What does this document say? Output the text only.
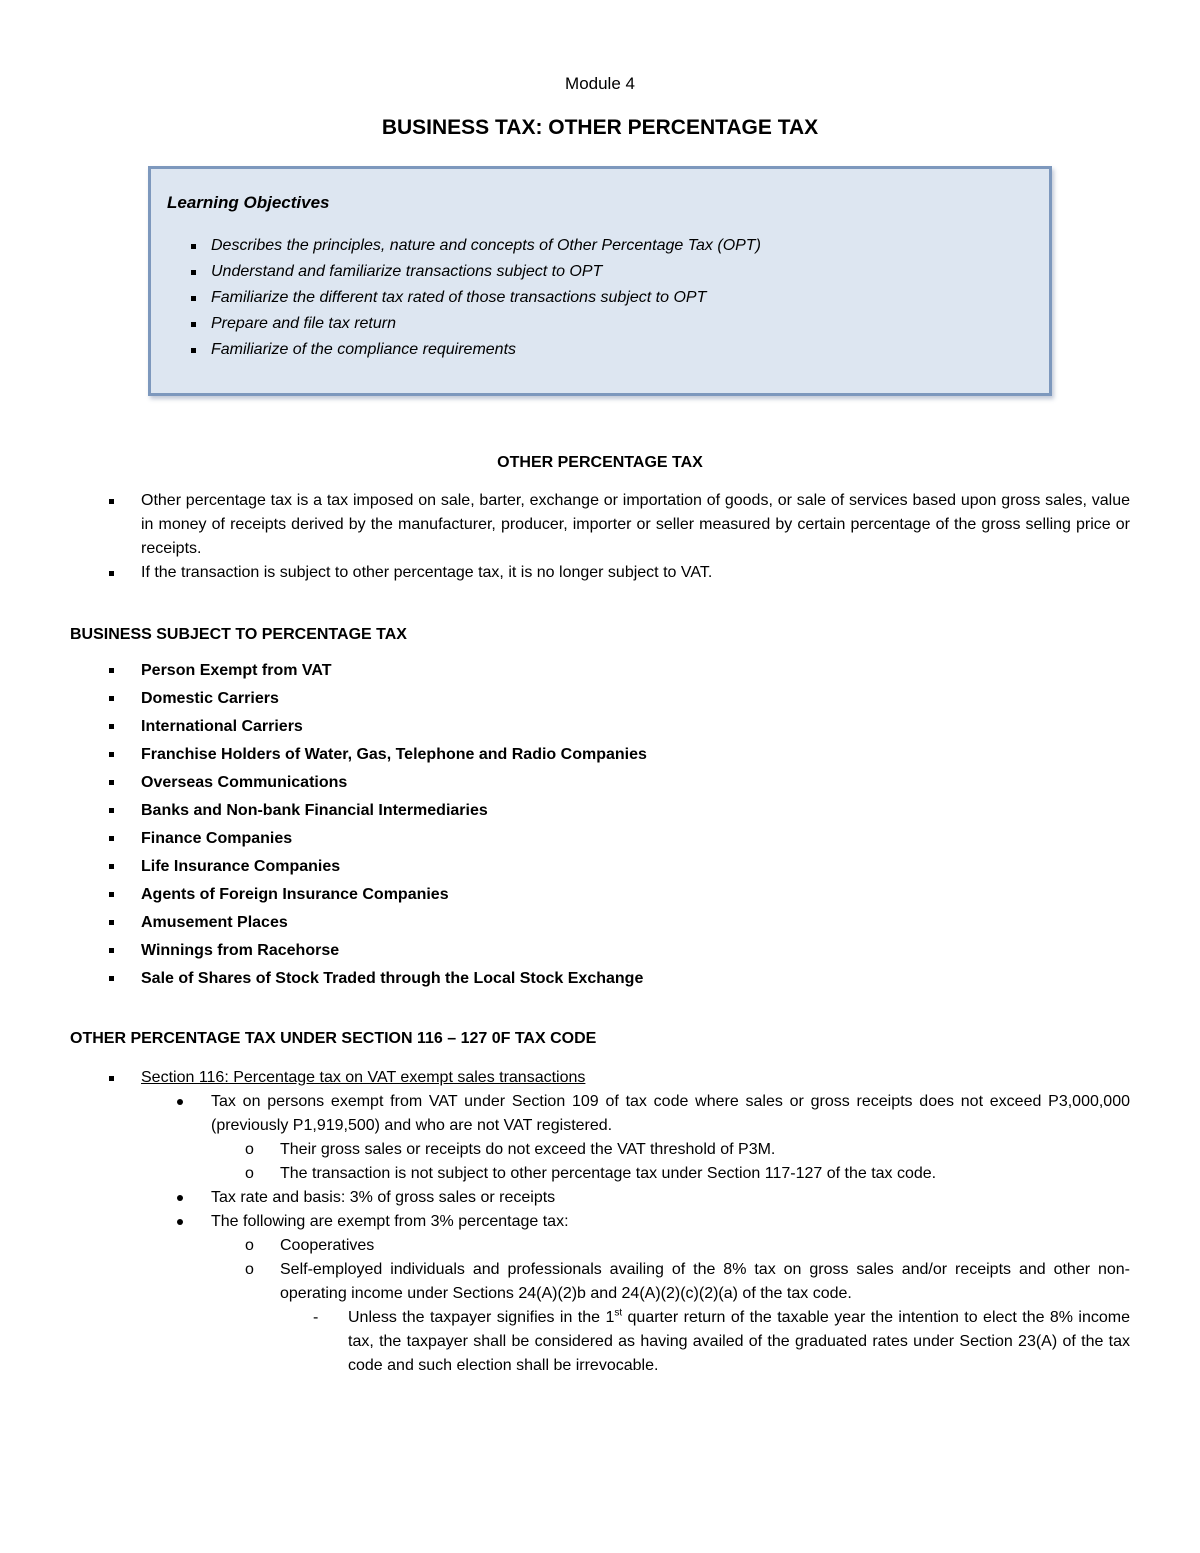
Module 4
BUSINESS TAX: OTHER PERCENTAGE TAX
Learning Objectives
Describes the principles, nature and concepts of Other Percentage Tax (OPT)
Understand and familiarize transactions subject to OPT
Familiarize the different tax rated of those transactions subject to OPT
Prepare and file tax return
Familiarize of the compliance requirements
OTHER PERCENTAGE TAX
Other percentage tax is a tax imposed on sale, barter, exchange or importation of goods, or sale of services based upon gross sales, value in money of receipts derived by the manufacturer, producer, importer or seller measured by certain percentage of the gross selling price or receipts.
If the transaction is subject to other percentage tax, it is no longer subject to VAT.
BUSINESS SUBJECT TO PERCENTAGE TAX
Person Exempt from VAT
Domestic Carriers
International Carriers
Franchise Holders of Water, Gas, Telephone and Radio Companies
Overseas Communications
Banks and Non-bank Financial Intermediaries
Finance Companies
Life Insurance Companies
Agents of Foreign Insurance Companies
Amusement Places
Winnings from Racehorse
Sale of Shares of Stock Traded through the Local Stock Exchange
OTHER PERCENTAGE TAX UNDER SECTION 116 – 127 0F TAX CODE
Section 116: Percentage tax on VAT exempt sales transactions
Tax on persons exempt from VAT under Section 109 of tax code where sales or gross receipts does not exceed P3,000,000 (previously P1,919,500) and who are not VAT registered.
o Their gross sales or receipts do not exceed the VAT threshold of P3M.
o The transaction is not subject to other percentage tax under Section 117-127 of the tax code.
Tax rate and basis: 3% of gross sales or receipts
The following are exempt from 3% percentage tax:
o Cooperatives
o Self-employed individuals and professionals availing of the 8% tax on gross sales and/or receipts and other non-operating income under Sections 24(A)(2)b and 24(A)(2)(c)(2)(a) of the tax code.
- Unless the taxpayer signifies in the 1st quarter return of the taxable year the intention to elect the 8% income tax, the taxpayer shall be considered as having availed of the graduated rates under Section 23(A) of the tax code and such election shall be irrevocable.
